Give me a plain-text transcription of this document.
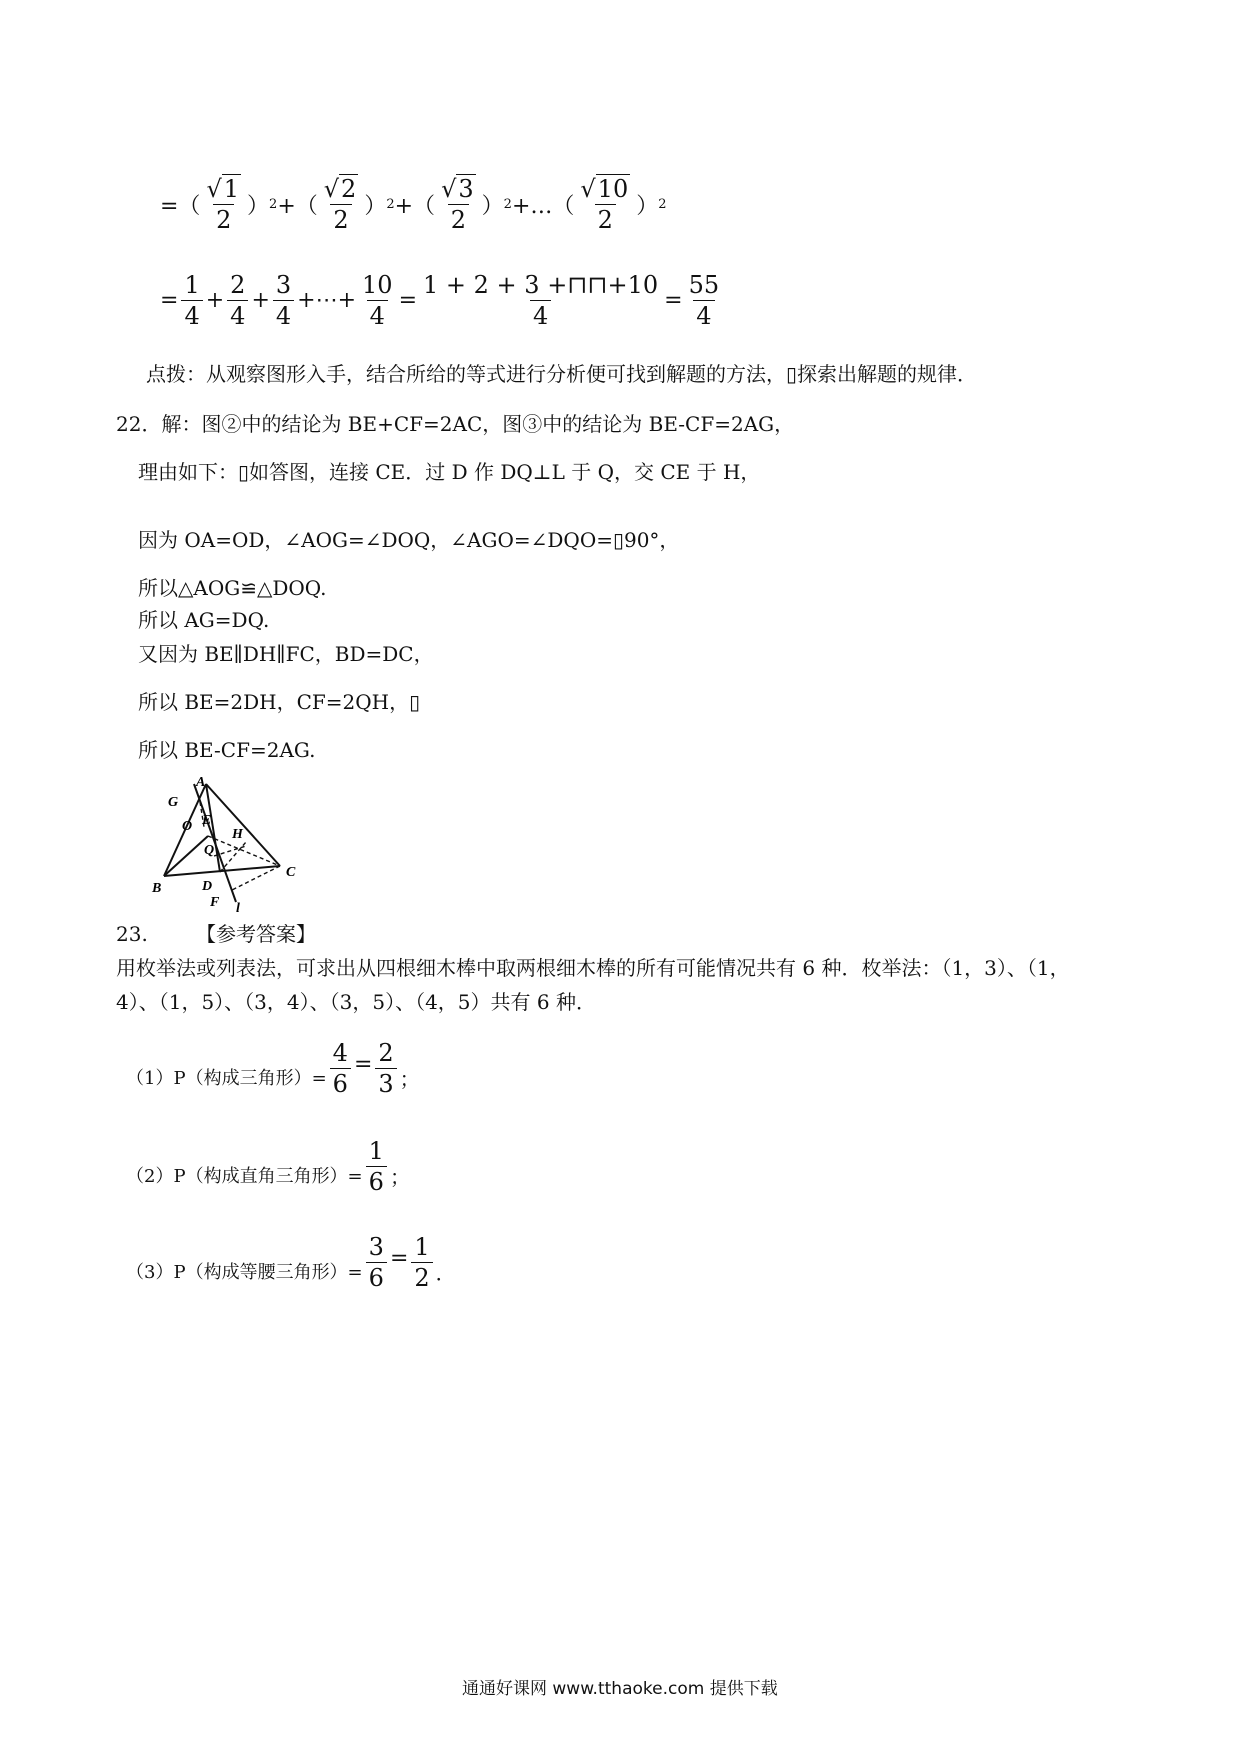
=（ $\frac{√1}{2}$ ） 2 +（ $\frac{√2}{2}$ ） 2 +（ $\frac{√3}{2}$ ） 2 +…（ $\frac{√10}{2}$ ） 2
= $\frac{1}{4} + \frac{2}{4} + \frac{3}{4}$ +⋯+ $\frac{10}{4} = \frac{1 + 2 + 3 +⊓⊓+10}{4} = \frac{55}{4}$
点拨：从观察图形入手，结合所给的等式进行分析便可找到解题的方法，▯探索出解题的规律．
22．解：图②中的结论为 BE+CF=2AC，图③中的结论为 BE-CF=2AG，
理由如下：▯如答图，连接 CE．过 D 作 DQ⊥L 于 Q，交 CE 于 H，
因为 OA=OD，∠AOG=∠DOQ，∠AGO=∠DQO=▯90°，
所以△AOG≌△DOQ.
所以 AG=DQ.
又因为 BE∥DH∥FC，BD=DC，
所以 BE=2DH，CF=2QH，▯
所以 BE-CF=2AG.
A
G
O E
H
Q
B
C
D
F l
23. 【参考答案】
用枚举法或列表法，可求出从四根细木棒中取两根细木棒的所有可能情况共有 6 种．枚举法：（1，3）、（1，
4）、（1，5）、（3，4）、（3，5）、（4，5）共有 6 种．
（1）P（构成三角形）= $\frac{4}{6} = \frac{2}{3}$ ；
（2）P（构成直角三角形）= $\frac{1}{6}$ ；
（3）P（构成等腰三角形）= $\frac{3}{6} = \frac{1}{2}$ ．
通通好课网 www.tthaoke.com 提供下载
